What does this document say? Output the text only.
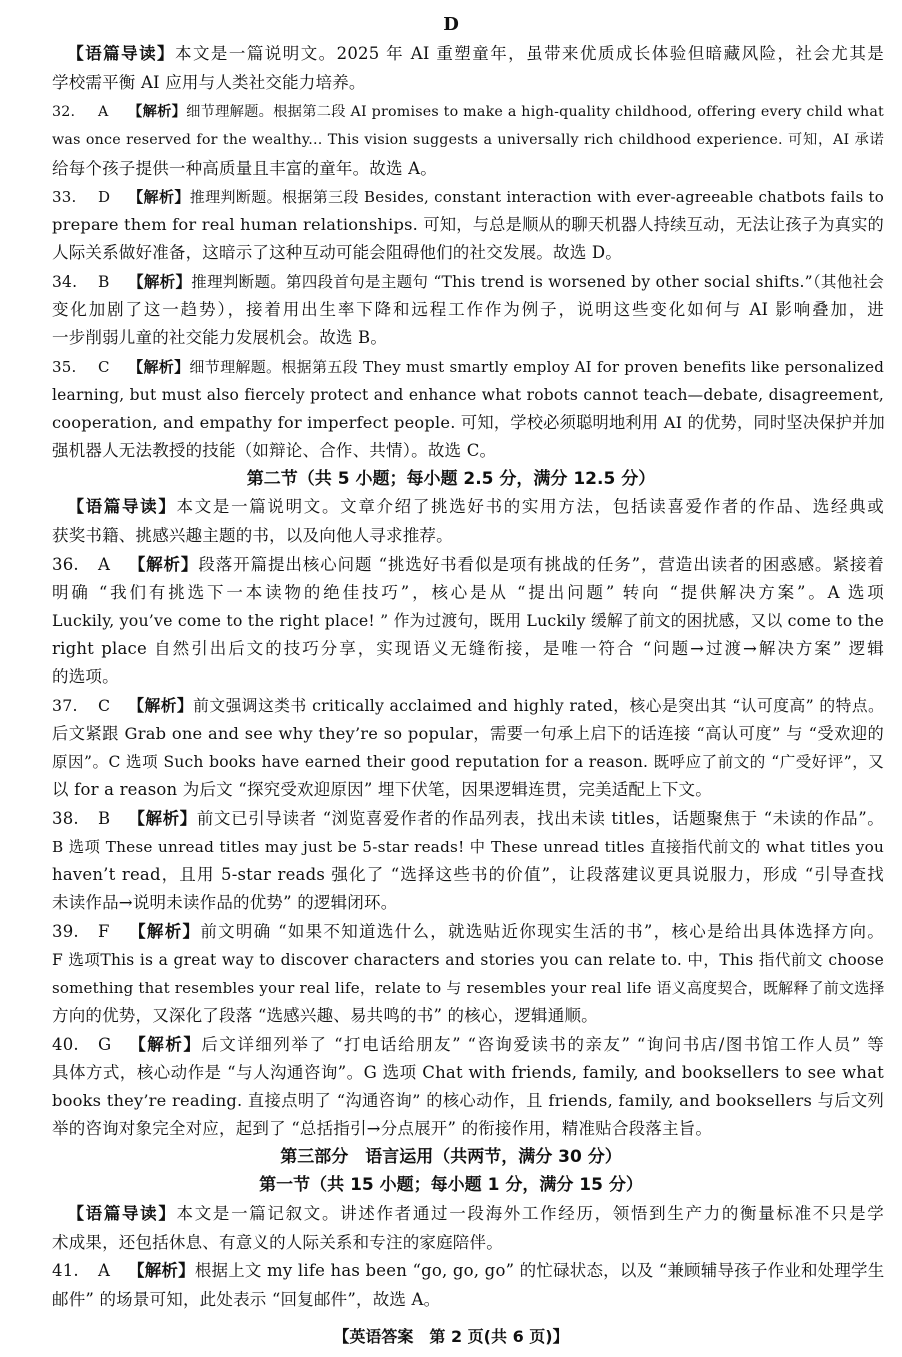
D
【语篇导读】本文是一篇说明文。2025 年 AI 重塑童年，虽带来优质成长体验但暗藏风险，社会尤其是
学校需平衡 AI 应用与人类社交能力培养。
32. A 【解析】细节理解题。根据第二段 AI promises to make a high-quality childhood, offering every child what
was once reserved for the wealthy... This vision suggests a universally rich childhood experience. 可知，AI 承诺
给每个孩子提供一种高质量且丰富的童年。故选 A。
33. D 【解析】推理判断题。根据第三段 Besides, constant interaction with ever-agreeable chatbots fails to
prepare them for real human relationships. 可知，与总是顺从的聊天机器人持续互动，无法让孩子为真实的
人际关系做好准备，这暗示了这种互动可能会阻碍他们的社交发展。故选 D。
34. B 【解析】推理判断题。第四段首句是主题句 “This trend is worsened by other social shifts.”（其他社会
变化加剧了这一趋势），接着用出生率下降和远程工作作为例子，说明这些变化如何与 AI 影响叠加，进
一步削弱儿童的社交能力发展机会。故选 B。
35. C 【解析】细节理解题。根据第五段 They must smartly employ AI for proven benefits like personalized
learning, but must also fiercely protect and enhance what robots cannot teach—debate, disagreement,
cooperation, and empathy for imperfect people. 可知，学校必须聪明地利用 AI 的优势，同时坚决保护并加
强机器人无法教授的技能（如辩论、合作、共情）。故选 C。
第二节（共 5 小题；每小题 2.5 分，满分 12.5 分）
【语篇导读】本文是一篇说明文。文章介绍了挑选好书的实用方法，包括读喜爱作者的作品、选经典或
获奖书籍、挑感兴趣主题的书，以及向他人寻求推荐。
36. A 【解析】段落开篇提出核心问题 “挑选好书看似是项有挑战的任务”，营造出读者的困惑感。紧接着
明确 “我们有挑选下一本读物的绝佳技巧”，核心是从 “提出问题” 转向 “提供解决方案”。A 选项
Luckily, you’ve come to the right place! ” 作为过渡句，既用 Luckily 缓解了前文的困扰感，又以 come to the
right place 自然引出后文的技巧分享，实现语义无缝衔接，是唯一符合 “问题→过渡→解决方案” 逻辑
的选项。
37. C 【解析】前文强调这类书 critically acclaimed and highly rated，核心是突出其 “认可度高” 的特点。
后文紧跟 Grab one and see why they’re so popular，需要一句承上启下的话连接 “高认可度” 与 “受欢迎的
原因”。C 选项 Such books have earned their good reputation for a reason. 既呼应了前文的 “广受好评”，又
以 for a reason 为后文 “探究受欢迎原因” 埋下伏笔，因果逻辑连贯，完美适配上下文。
38. B 【解析】前文已引导读者 “浏览喜爱作者的作品列表，找出未读 titles，话题聚焦于 “未读的作品”。
B 选项 These unread titles may just be 5-star reads! 中 These unread titles 直接指代前文的 what titles you
haven’t read，且用 5-star reads 强化了 “选择这些书的价值”，让段落建议更具说服力，形成 “引导查找
未读作品→说明未读作品的优势” 的逻辑闭环。
39. F 【解析】前文明确 “如果不知道选什么，就选贴近你现实生活的书”，核心是给出具体选择方向。
F 选项This is a great way to discover characters and stories you can relate to. 中，This 指代前文 choose
something that resembles your real life，relate to 与 resembles your real life 语义高度契合，既解释了前文选择
方向的优势，又深化了段落 “选感兴趣、易共鸣的书” 的核心，逻辑通顺。
40. G 【解析】后文详细列举了 “打电话给朋友” “咨询爱读书的亲友” “询问书店/图书馆工作人员” 等
具体方式，核心动作是 “与人沟通咨询”。G 选项 Chat with friends, family, and booksellers to see what
books they’re reading. 直接点明了 “沟通咨询” 的核心动作，且 friends, family, and booksellers 与后文列
举的咨询对象完全对应，起到了 “总括指引→分点展开” 的衔接作用，精准贴合段落主旨。
第三部分　语言运用（共两节，满分 30 分）
第一节（共 15 小题；每小题 1 分，满分 15 分）
【语篇导读】本文是一篇记叙文。讲述作者通过一段海外工作经历，领悟到生产力的衡量标准不只是学
术成果，还包括休息、有意义的人际关系和专注的家庭陪伴。
41. A 【解析】根据上文 my life has been “go, go, go” 的忙碌状态，以及 “兼顾辅导孩子作业和处理学生
邮件” 的场景可知，此处表示 “回复邮件”，故选 A。
【英语答案　第 2 页(共 6 页)】
